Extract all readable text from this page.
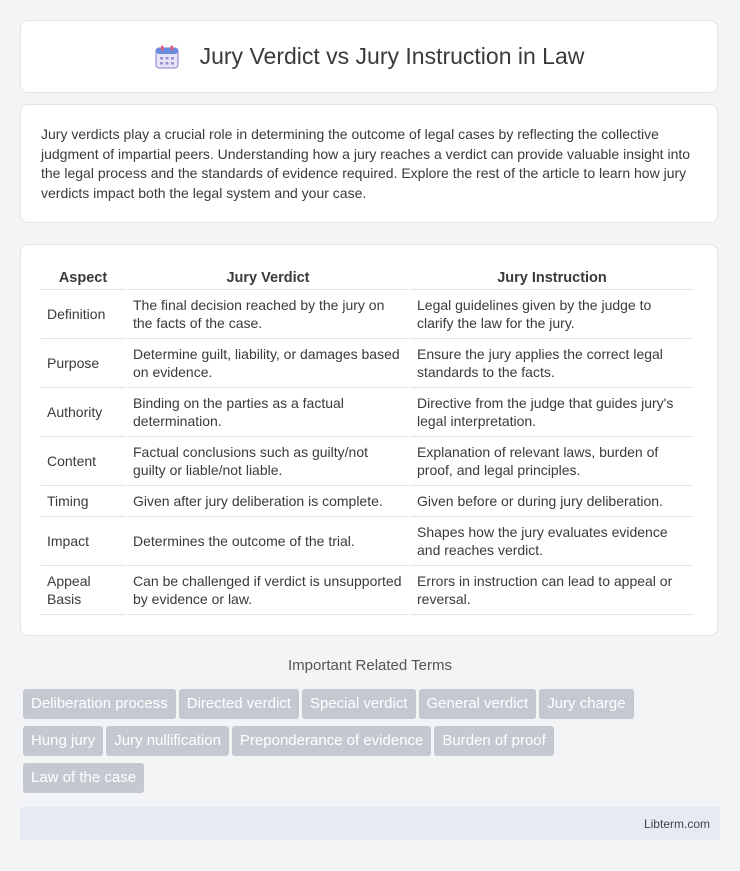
Jury Verdict vs Jury Instruction in Law

Jury verdicts play a crucial role in determining the outcome of legal cases by reflecting the collective judgment of impartial peers. Understanding how a jury reaches a verdict can provide valuable insight into the legal process and the standards of evidence required. Explore the rest of the article to learn how jury verdicts impact both the legal system and your case.

Aspect	Jury Verdict	Jury Instruction
Definition	The final decision reached by the jury on the facts of the case.	Legal guidelines given by the judge to clarify the law for the jury.
Purpose	Determine guilt, liability, or damages based on evidence.	Ensure the jury applies the correct legal standards to the facts.
Authority	Binding on the parties as a factual determination.	Directive from the judge that guides jury's legal interpretation.
Content	Factual conclusions such as guilty/not guilty or liable/not liable.	Explanation of relevant laws, burden of proof, and legal principles.
Timing	Given after jury deliberation is complete.	Given before or during jury deliberation.
Impact	Determines the outcome of the trial.	Shapes how the jury evaluates evidence and reaches verdict.
Appeal Basis	Can be challenged if verdict is unsupported by evidence or law.	Errors in instruction can lead to appeal or reversal.
Important Related Terms
Deliberation process Directed verdict Special verdict General verdict Jury charge
Hung jury Jury nullification Preponderance of evidence Burden of proof
Law of the case
Libterm.com
